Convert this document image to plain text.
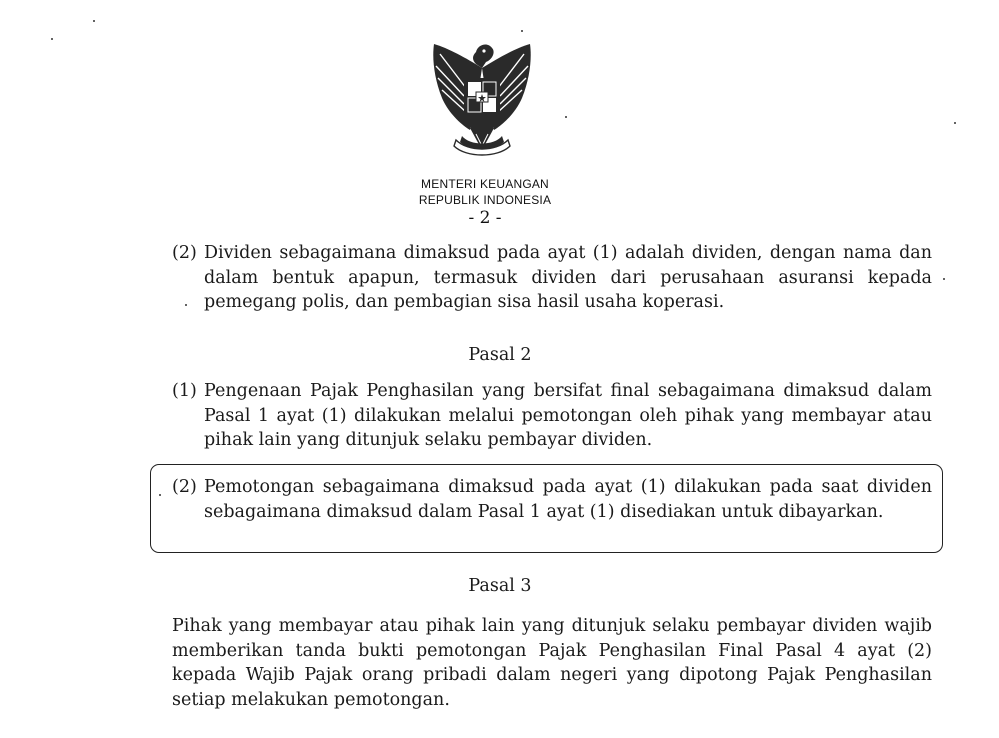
MENTERI KEUANGAN
REPUBLIK INDONESIA
- 2 -
(2) Dividen sebagaimana dimaksud pada ayat (1) adalah dividen, dengan nama dan dalam bentuk apapun, termasuk dividen dari perusahaan asuransi kepada pemegang polis, dan pembagian sisa hasil usaha koperasi.
Pasal 2
(1) Pengenaan Pajak Penghasilan yang bersifat final sebagaimana dimaksud dalam Pasal 1 ayat (1) dilakukan melalui pemotongan oleh pihak yang membayar atau pihak lain yang ditunjuk selaku pembayar dividen.
(2) Pemotongan sebagaimana dimaksud pada ayat (1) dilakukan pada saat dividen sebagaimana dimaksud dalam Pasal 1 ayat (1) disediakan untuk dibayarkan.
Pasal 3
Pihak yang membayar atau pihak lain yang ditunjuk selaku pembayar dividen wajib memberikan tanda bukti pemotongan Pajak Penghasilan Final Pasal 4 ayat (2) kepada Wajib Pajak orang pribadi dalam negeri yang dipotong Pajak Penghasilan setiap melakukan pemotongan.
